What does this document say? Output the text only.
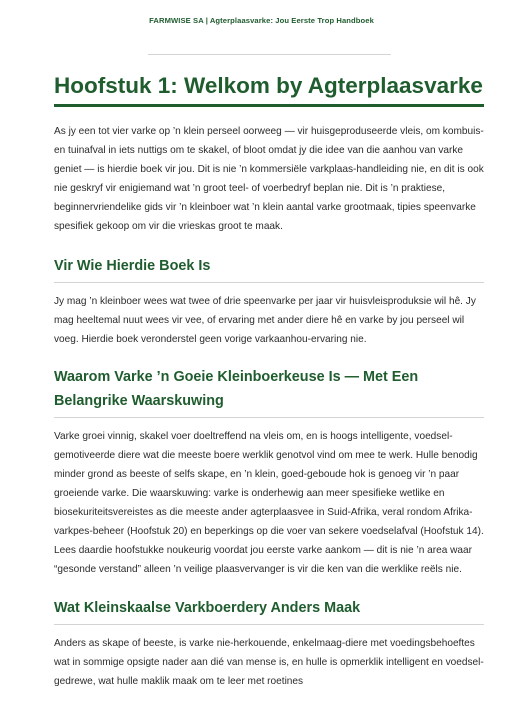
FARMWISE SA | Agterplaasvarke: Jou Eerste Trop Handboek
Hoofstuk 1: Welkom by Agterplaasvarke

As jy een tot vier varke op ’n klein perseel oorweeg — vir huisgeproduseerde vleis, om kombuis- en tuinafval in iets nuttigs om te skakel, of bloot omdat jy die idee van die aanhou van varke geniet — is hierdie boek vir jou. Dit is nie ’n kommersiële varkplaas-handleiding nie, en dit is ook nie geskryf vir enigiemand wat ’n groot teel- of voerbedryf beplan nie. Dit is ’n praktiese, beginnervriendelike gids vir ’n kleinboer wat ’n klein aantal varke grootmaak, tipies speenvarke spesifiek gekoop om vir die vrieskas groot te maak.

Vir Wie Hierdie Boek Is

Jy mag ’n kleinboer wees wat twee of drie speenvarke per jaar vir huisvleisproduksie wil hê. Jy mag heeltemal nuut wees vir vee, of ervaring met ander diere hê en varke by jou perseel wil voeg. Hierdie boek veronderstel geen vorige varkaanhou-ervaring nie.

Waarom Varke ’n Goeie Kleinboerkeuse Is — Met Een Belangrike Waarskuwing

Varke groei vinnig, skakel voer doeltreffend na vleis om, en is hoogs intelligente, voedsel-gemotiveerde diere wat die meeste boere werklik genotvol vind om mee te werk. Hulle benodig minder grond as beeste of selfs skape, en ’n klein, goed-geboude hok is genoeg vir ’n paar groeiende varke. Die waarskuwing: varke is onderhewig aan meer spesifieke wetlike en biosekuriteitsvereistes as die meeste ander agterplaasvee in Suid-Afrika, veral rondom Afrika-varkpes-beheer (Hoofstuk 20) en beperkings op die voer van sekere voedselafval (Hoofstuk 14). Lees daardie hoofstukke noukeurig voordat jou eerste varke aankom — dit is nie ’n area waar “gesonde verstand” alleen ’n veilige plaasvervanger is vir die ken van die werklike reëls nie.

Wat Kleinskaalse Varkboerdery Anders Maak

Anders as skape of beeste, is varke nie-herkouende, enkelmaag-diere met voedingsbehoeftes wat in sommige opsigte nader aan dié van mense is, en hulle is opmerklik intelligent en voedsel-gedrewe, wat hulle maklik maak om te leer met roetines
